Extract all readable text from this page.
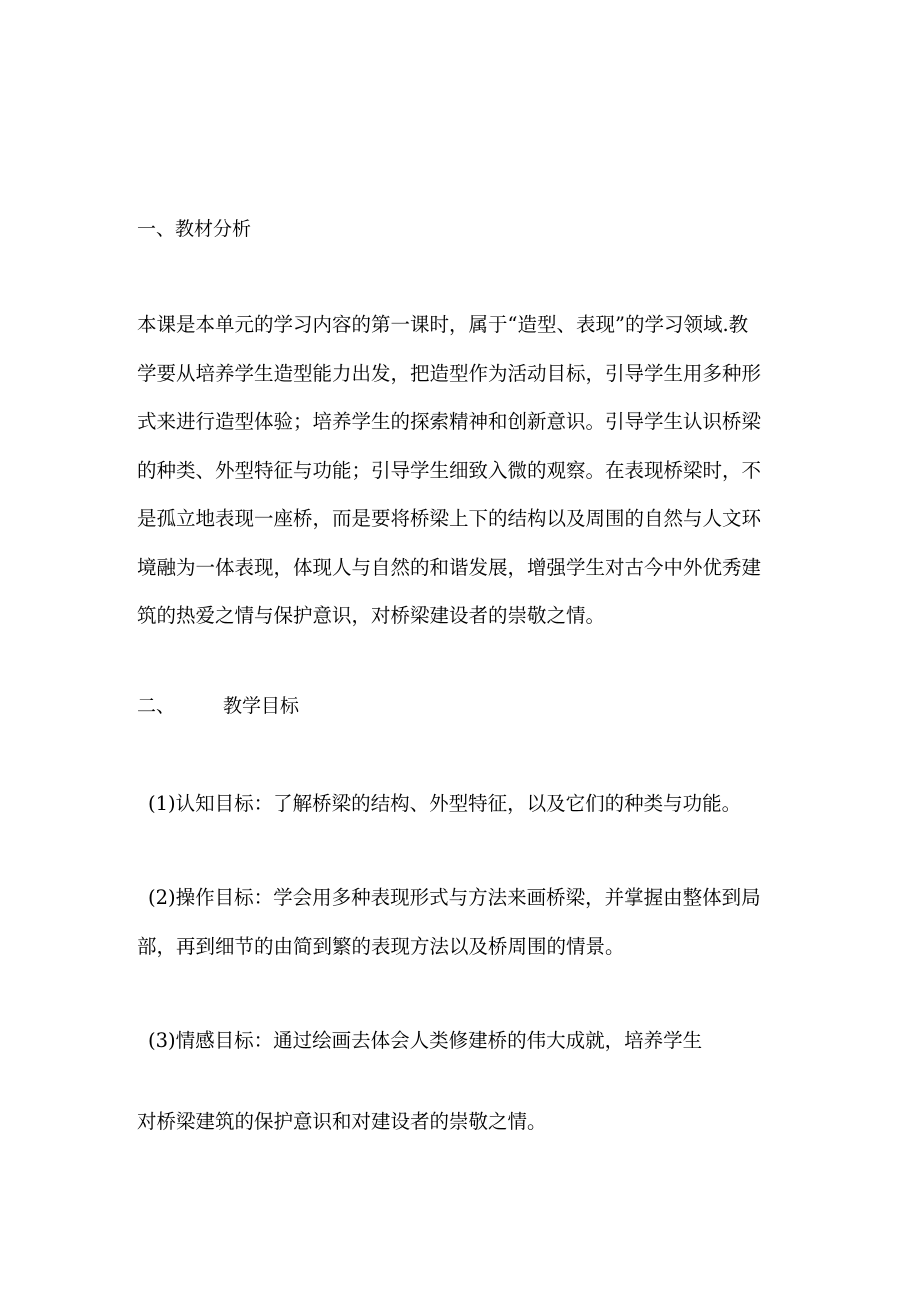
一、教材分析
本课是本单元的学习内容的第一课时，属于“造型、表现”的学习领域.教
学要从培养学生造型能力出发，把造型作为活动目标，引导学生用多种形
式来进行造型体验；培养学生的探索精神和创新意识。引导学生认识桥梁
的种类、外型特征与功能；引导学生细致入微的观察。在表现桥梁时，不
是孤立地表现一座桥，而是要将桥梁上下的结构以及周围的自然与人文环
境融为一体表现，体现人与自然的和谐发展，增强学生对古今中外优秀建
筑的热爱之情与保护意识，对桥梁建设者的崇敬之情。
二、	教学目标
(1)认知目标：了解桥梁的结构、外型特征，以及它们的种类与功能。
(2)操作目标：学会用多种表现形式与方法来画桥梁，并掌握由整体到局
部，再到细节的由简到繁的表现方法以及桥周围的情景。
(3)情感目标：通过绘画去体会人类修建桥的伟大成就，培养学生
对桥梁建筑的保护意识和对建设者的崇敬之情。
